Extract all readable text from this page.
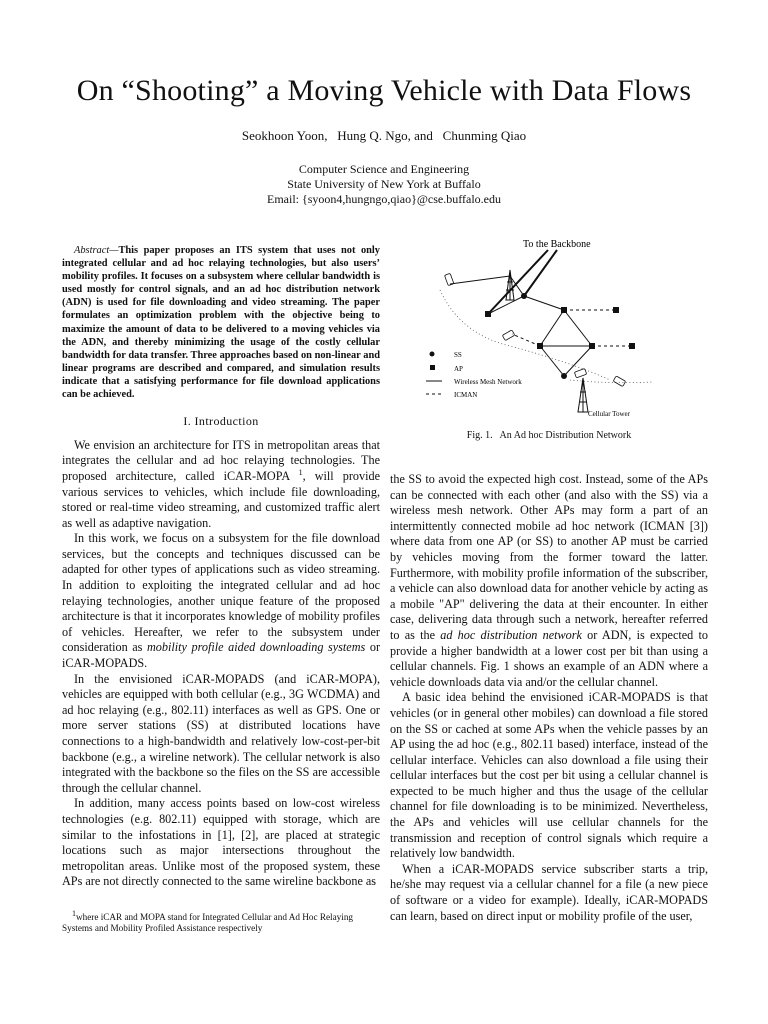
On “Shooting” a Moving Vehicle with Data Flows
Seokhoon Yoon,   Hung Q. Ngo, and   Chunming Qiao
Computer Science and Engineering
State University of New York at Buffalo
Email: {syoon4,hungngo,qiao}@cse.buffalo.edu

Abstract—This paper proposes an ITS system that uses not only integrated cellular and ad hoc relaying technologies, but also users’ mobility profiles. It focuses on a subsystem where cellular bandwidth is used mostly for control signals, and an ad hoc distribution network (ADN) is used for file downloading and video streaming. The paper formulates an optimization problem with the objective being to maximize the amount of data to be delivered to a moving vehicles via the ADN, and thereby minimizing the usage of the costly cellular bandwidth for data transfer. Three approaches based on non-linear and linear programs are described and compared, and simulation results indicate that a satisfying performance for file download applications can be achieved.

I. Introduction

We envision an architecture for ITS in metropolitan areas that integrates the cellular and ad hoc relaying technologies. The proposed architecture, called iCAR-MOPA $^1$, will provide various services to vehicles, which include file downloading, stored or real-time video streaming, and customized traffic alert as well as adaptive navigation.

In this work, we focus on a subsystem for the file download services, but the concepts and techniques discussed can be adapted for other types of applications such as video streaming. In addition to exploiting the integrated cellular and ad hoc relaying technologies, another unique feature of the proposed architecture is that it incorporates knowledge of mobility profiles of vehicles. Hereafter, we refer to the subsystem under consideration as mobility profile aided downloading systems or iCAR-MOPADS.

In the envisioned iCAR-MOPADS (and iCAR-MOPA), vehicles are equipped with both cellular (e.g., 3G WCDMA) and ad hoc relaying (e.g., 802.11) interfaces as well as GPS. One or more server stations (SS) at distributed locations have connections to a high-bandwidth and relatively low-cost-per-bit backbone (e.g., a wireline network). The cellular network is also integrated with the backbone so the files on the SS are accessible through the cellular channel.

In addition, many access points based on low-cost wireless technologies (e.g. 802.11) equipped with storage, which are similar to the infostations in [1], [2], are placed at strategic locations such as major intersections throughout the metropolitan areas. Unlike most of the proposed system, these APs are not directly connected to the same wireline backbone as

$^1$where iCAR and MOPA stand for Integrated Cellular and Ad Hoc Relaying Systems and Mobility Profiled Assistance respectively
To the Backbone
SS
AP
Wireless Mesh Network
ICMAN
Cellular Tower
Fig. 1.   An Ad hoc Distribution Network

the SS to avoid the expected high cost. Instead, some of the APs can be connected with each other (and also with the SS) via a wireless mesh network. Other APs may form a part of an intermittently connected mobile ad hoc network (ICMAN [3]) where data from one AP (or SS) to another AP must be carried by vehicles moving from the former toward the latter. Furthermore, with mobility profile information of the subscriber, a vehicle can also download data for another vehicle by acting as a mobile "AP" delivering the data at their encounter. In either case, delivering data through such a network, hereafter referred to as the ad hoc distribution network or ADN, is expected to provide a higher bandwidth at a lower cost per bit than using a cellular channels. Fig. 1 shows an example of an ADN where a vehicle downloads data via and/or the cellular channel.

A basic idea behind the envisioned iCAR-MOPADS is that vehicles (or in general other mobiles) can download a file stored on the SS or cached at some APs when the vehicle passes by an AP using the ad hoc (e.g., 802.11 based) interface, instead of the cellular interface. Vehicles can also download a file using their cellular interfaces but the cost per bit using a cellular channel is expected to be much higher and thus the usage of the cellular channel for file downloading is to be minimized. Nevertheless, the APs and vehicles will use cellular channels for the transmission and reception of control signals which require a relatively low bandwidth.

When a iCAR-MOPADS service subscriber starts a trip, he/she may request via a cellular channel for a file (a new piece of software or a video for example). Ideally, iCAR-MOPADS can learn, based on direct input or mobility profile of the user,
